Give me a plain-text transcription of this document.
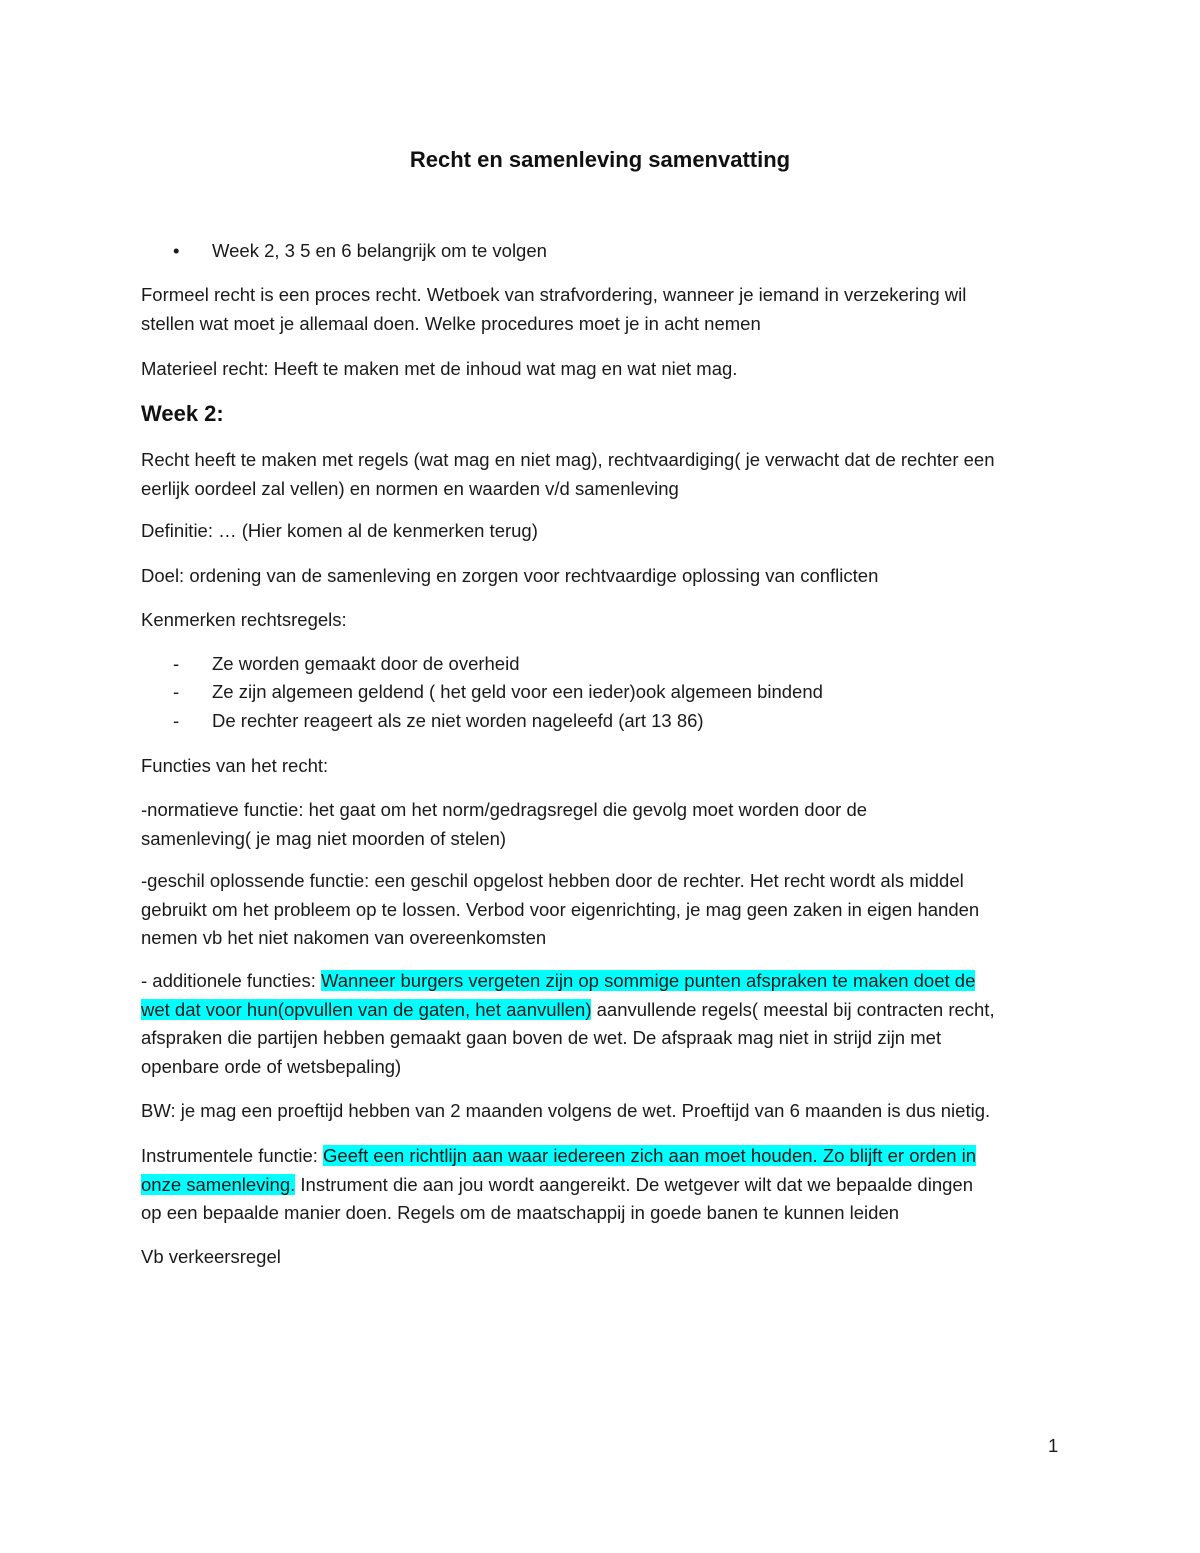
Recht en samenleving samenvatting
• Week 2, 3 5 en 6 belangrijk om te volgen

Formeel recht is een proces recht. Wetboek van strafvordering, wanneer je iemand in verzekering wil
stellen wat moet je allemaal doen. Welke procedures moet je in acht nemen

Materieel recht: Heeft te maken met de inhoud wat mag en wat niet mag.

Week 2:

Recht heeft te maken met regels (wat mag en niet mag), rechtvaardiging( je verwacht dat de rechter een
eerlijk oordeel zal vellen) en normen en waarden v/d samenleving

Definitie: … (Hier komen al de kenmerken terug)

Doel: ordening van de samenleving en zorgen voor rechtvaardige oplossing van conflicten

Kenmerken rechtsregels:

- Ze worden gemaakt door de overheid
- Ze zijn algemeen geldend ( het geld voor een ieder)ook algemeen bindend
- De rechter reageert als ze niet worden nageleefd (art 13 86)

Functies van het recht:

-normatieve functie: het gaat om het norm/gedragsregel die gevolg moet worden door de
samenleving( je mag niet moorden of stelen)

-geschil oplossende functie: een geschil opgelost hebben door de rechter. Het recht wordt als middel
gebruikt om het probleem op te lossen. Verbod voor eigenrichting, je mag geen zaken in eigen handen
nemen vb het niet nakomen van overeenkomsten

- additionele functies: Wanneer burgers vergeten zijn op sommige punten afspraken te maken doet de
wet dat voor hun(opvullen van de gaten, het aanvullen) aanvullende regels( meestal bij contracten recht,
afspraken die partijen hebben gemaakt gaan boven de wet. De afspraak mag niet in strijd zijn met
openbare orde of wetsbepaling)

BW: je mag een proeftijd hebben van 2 maanden volgens de wet. Proeftijd van 6 maanden is dus nietig.

Instrumentele functie: Geeft een richtlijn aan waar iedereen zich aan moet houden. Zo blijft er orden in
onze samenleving. Instrument die aan jou wordt aangereikt. De wetgever wilt dat we bepaalde dingen
op een bepaalde manier doen. Regels om de maatschappij in goede banen te kunnen leiden

Vb verkeersregel

1
